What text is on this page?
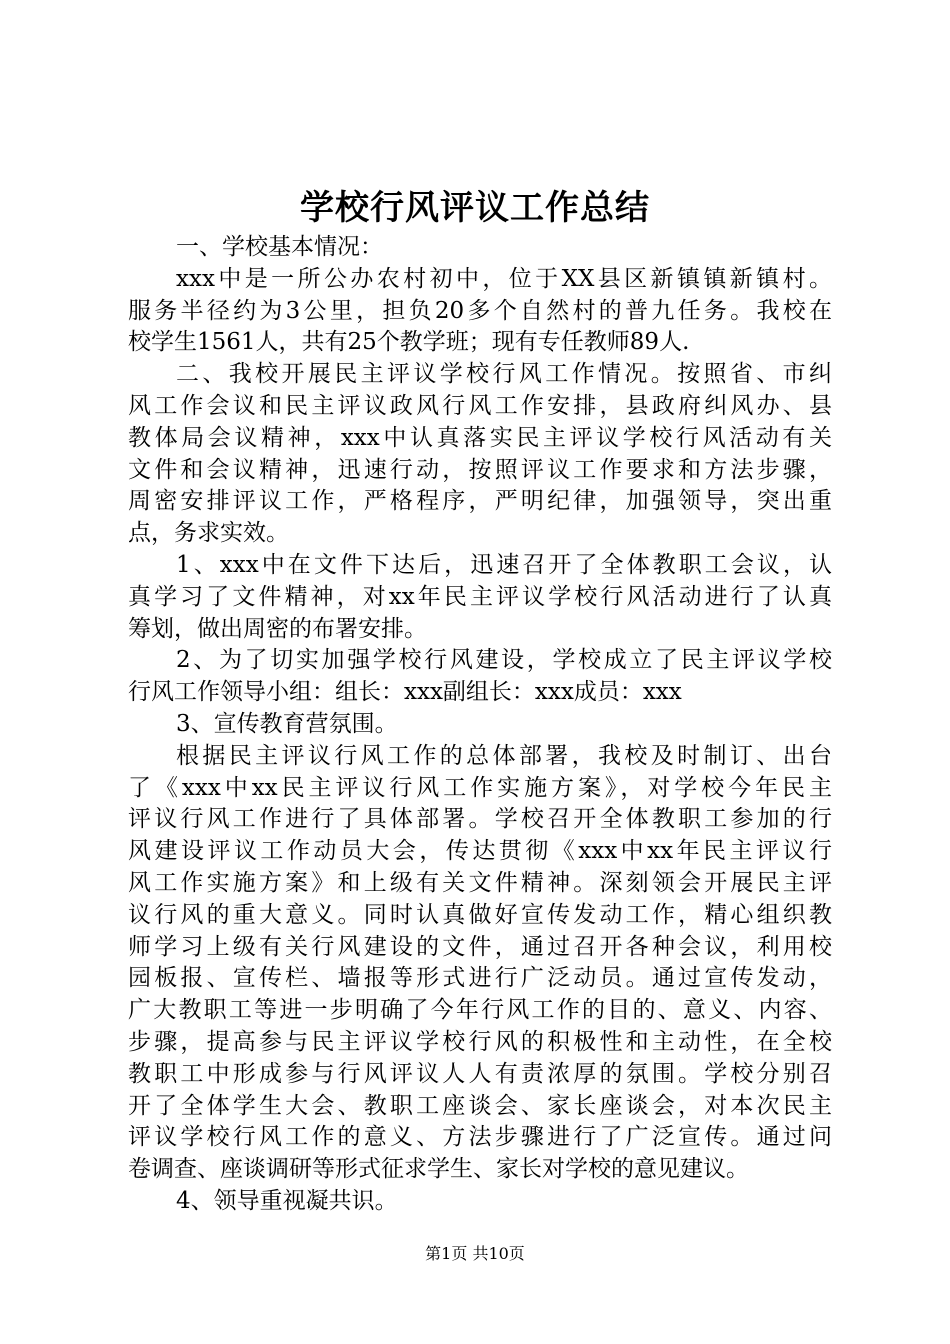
学校行风评议工作总结
一、学校基本情况：
xxx中是一所公办农村初中，位于XX县区新镇镇新镇村。
服务半径约为3公里，担负20多个自然村的普九任务。我校在
校学生1561人，共有25个教学班；现有专任教师89人.
二、我校开展民主评议学校行风工作情况。按照省、市纠
风工作会议和民主评议政风行风工作安排，县政府纠风办、县
教体局会议精神，xxx中认真落实民主评议学校行风活动有关
文件和会议精神，迅速行动，按照评议工作要求和方法步骤，
周密安排评议工作，严格程序，严明纪律，加强领导，突出重
点，务求实效。
1、xxx中在文件下达后，迅速召开了全体教职工会议，认
真学习了文件精神，对xx年民主评议学校行风活动进行了认真
筹划，做出周密的布署安排。
2、为了切实加强学校行风建设，学校成立了民主评议学校
行风工作领导小组：组长：xxx副组长：xxx成员：xxx
3、宣传教育营氛围。
根据民主评议行风工作的总体部署，我校及时制订、出台
了《xxx中xx民主评议行风工作实施方案》，对学校今年民主
评议行风工作进行了具体部署。学校召开全体教职工参加的行
风建设评议工作动员大会，传达贯彻《xxx中xx年民主评议行
风工作实施方案》和上级有关文件精神。深刻领会开展民主评
议行风的重大意义。同时认真做好宣传发动工作，精心组织教
师学习上级有关行风建设的文件，通过召开各种会议，利用校
园板报、宣传栏、墙报等形式进行广泛动员。通过宣传发动，
广大教职工等进一步明确了今年行风工作的目的、意义、内容、
步骤，提高参与民主评议学校行风的积极性和主动性，在全校
教职工中形成参与行风评议人人有责浓厚的氛围。学校分别召
开了全体学生大会、教职工座谈会、家长座谈会，对本次民主
评议学校行风工作的意义、方法步骤进行了广泛宣传。通过问
卷调查、座谈调研等形式征求学生、家长对学校的意见建议。
4、领导重视凝共识。
第1页 共10页
